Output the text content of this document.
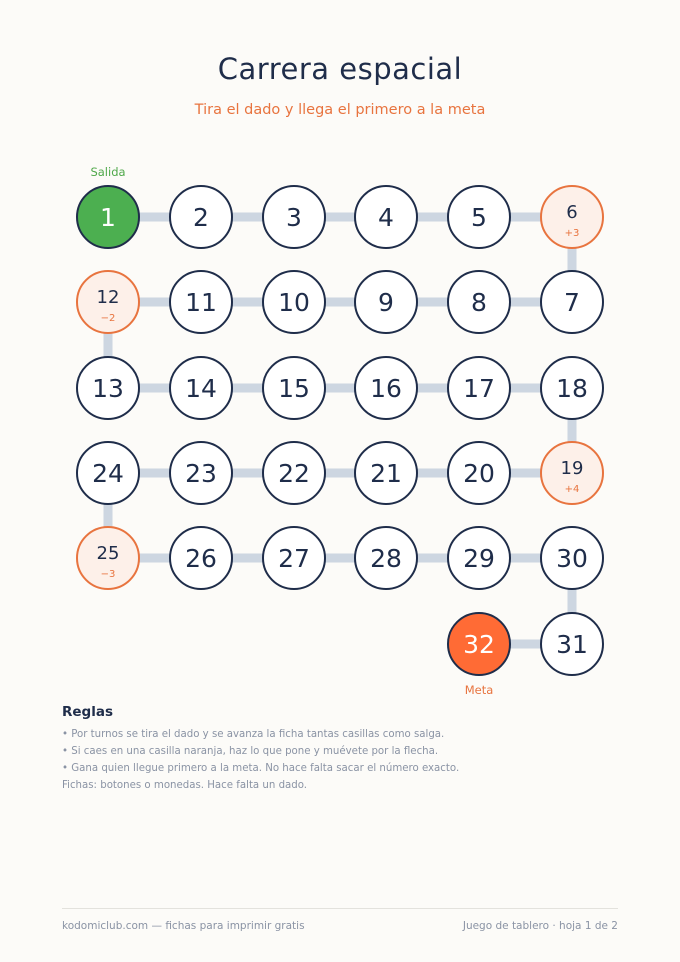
Carrera espacial
Tira el dado y llega el primero a la meta
Salida
1	2	3	4	5	6
+3
7
8
9
10
11
12
−2
13 14 15 16 17 18
19
+4
20
21
22
23
24
25
−3
26 27 28 29 30
31
32
Meta
Reglas
• Por turnos se tira el dado y se avanza la ficha tantas casillas como salga.
• Si caes en una casilla naranja, haz lo que pone y muévete por la flecha.
• Gana quien llegue primero a la meta. No hace falta sacar el número exacto.
Fichas: botones o monedas. Hace falta un dado.
kodomiclub.com — fichas para imprimir gratis	Juego de tablero · hoja 1 de 2
